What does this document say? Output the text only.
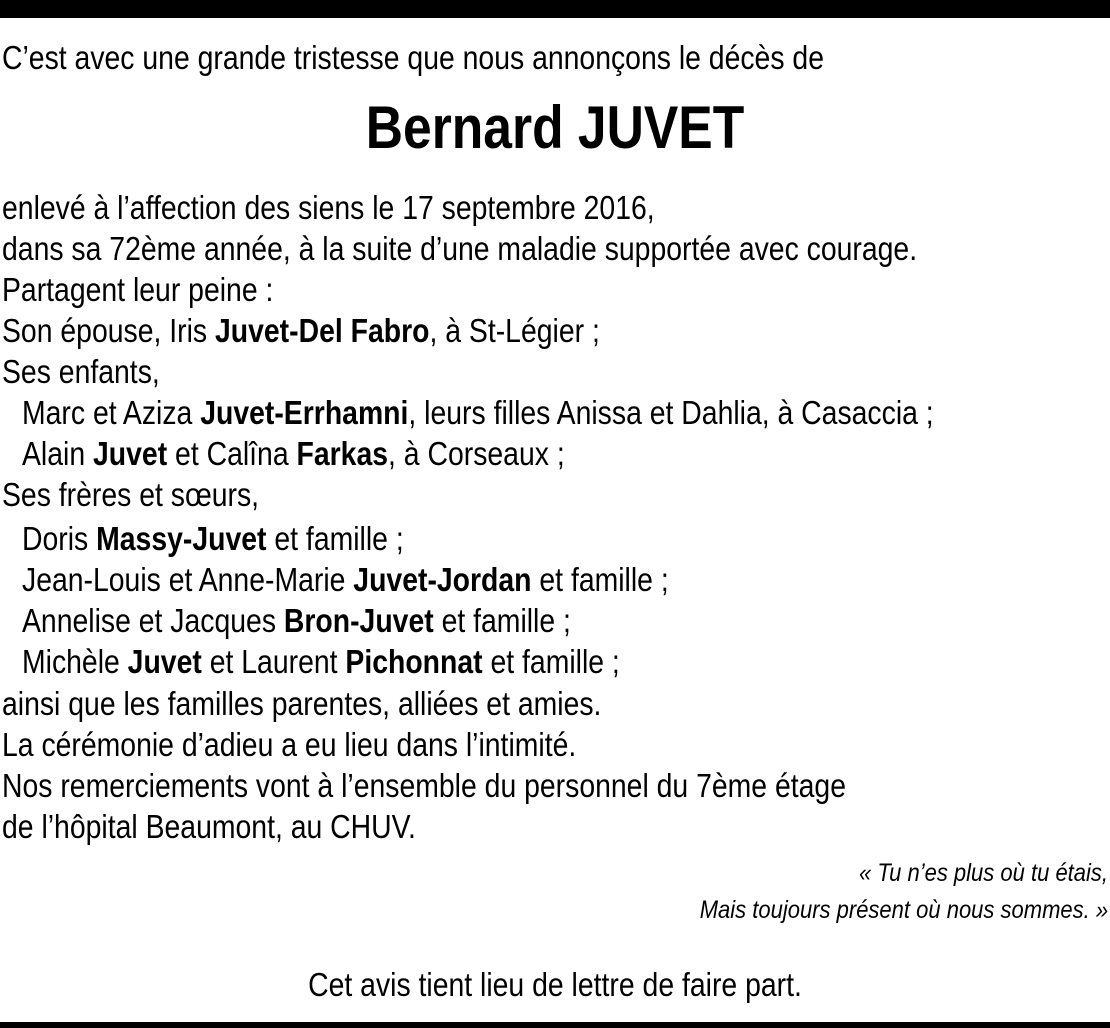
C’est avec une grande tristesse que nous annonçons le décès de
Bernard JUVET
enlevé à l’affection des siens le 17 septembre 2016,
dans sa 72ème année, à la suite d’une maladie supportée avec courage.
Partagent leur peine :
Son épouse, Iris Juvet-Del Fabro, à St-Légier ;
Ses enfants,
Marc et Aziza Juvet-Errhamni, leurs filles Anissa et Dahlia, à Casaccia ;
Alain Juvet et Calîna Farkas, à Corseaux ;
Ses frères et sœurs,
Doris Massy-Juvet et famille ;
Jean-Louis et Anne-Marie Juvet-Jordan et famille ;
Annelise et Jacques Bron-Juvet et famille ;
Michèle Juvet et Laurent Pichonnat et famille ;
ainsi que les familles parentes, alliées et amies.
La cérémonie d’adieu a eu lieu dans l’intimité.
Nos remerciements vont à l’ensemble du personnel du 7ème étage
de l’hôpital Beaumont, au CHUV.
« Tu n’es plus où tu étais,
Mais toujours présent où nous sommes. »
Cet avis tient lieu de lettre de faire part.
